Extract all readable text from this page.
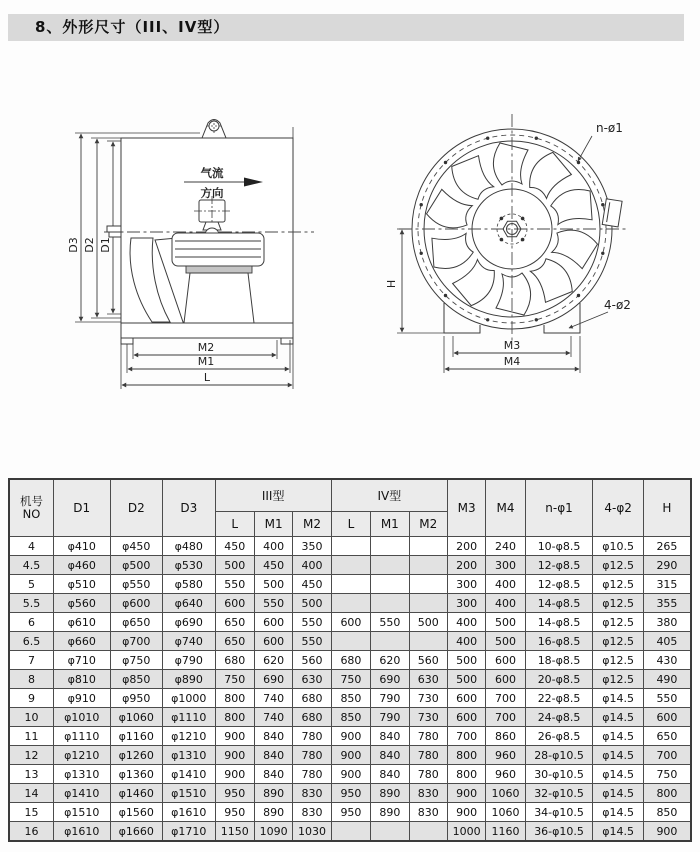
8、外形尺寸（III、IV型）
D3 D2 D1
气流
方向
M2
M1
L
H
M3
M4
n-ø1
4-ø2
机号
NO	D1	D2	D3	III型			IV型			M3	M4	n-φ1	4-φ2	H
				L	M1	M2	L	M1	M2					
4	φ410	φ450	φ480	450	400	350				200	240	10-φ8.5	φ10.5	265
4.5	φ460	φ500	φ530	500	450	400				200	300	12-φ8.5	φ12.5	290
5	φ510	φ550	φ580	550	500	450				300	400	12-φ8.5	φ12.5	315
5.5	φ560	φ600	φ640	600	550	500				300	400	14-φ8.5	φ12.5	355
6	φ610	φ650	φ690	650	600	550	600	550	500	400	500	14-φ8.5	φ12.5	380
6.5	φ660	φ700	φ740	650	600	550				400	500	16-φ8.5	φ12.5	405
7	φ710	φ750	φ790	680	620	560	680	620	560	500	600	18-φ8.5	φ12.5	430
8	φ810	φ850	φ890	750	690	630	750	690	630	500	600	20-φ8.5	φ12.5	490
9	φ910	φ950	φ1000	800	740	680	850	790	730	600	700	22-φ8.5	φ14.5	550
10	φ1010	φ1060	φ1110	800	740	680	850	790	730	600	700	24-φ8.5	φ14.5	600
11	φ1110	φ1160	φ1210	900	840	780	900	840	780	700	860	26-φ8.5	φ14.5	650
12	φ1210	φ1260	φ1310	900	840	780	900	840	780	800	960	28-φ10.5	φ14.5	700
13	φ1310	φ1360	φ1410	900	840	780	900	840	780	800	960	30-φ10.5	φ14.5	750
14	φ1410	φ1460	φ1510	950	890	830	950	890	830	900	1060	32-φ10.5	φ14.5	800
15	φ1510	φ1560	φ1610	950	890	830	950	890	830	900	1060	34-φ10.5	φ14.5	850
16	φ1610	φ1660	φ1710	1150	1090	1030				1000	1160	36-φ10.5	φ14.5	900
